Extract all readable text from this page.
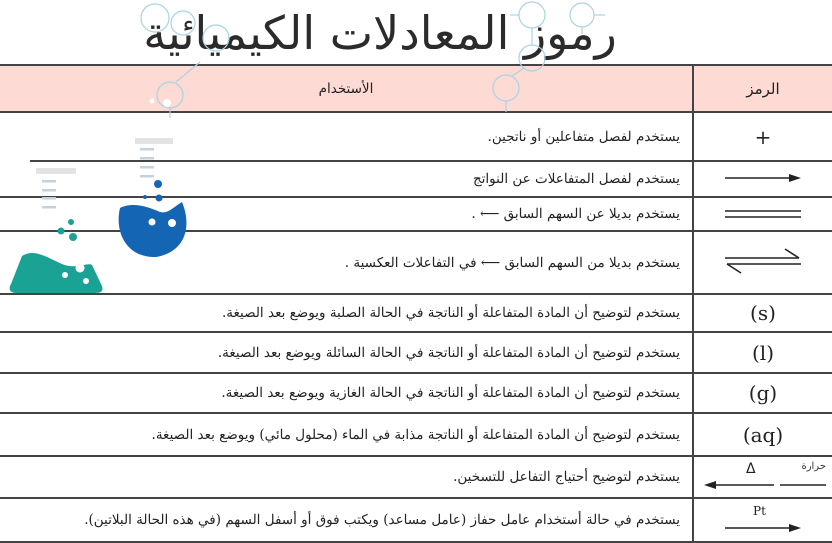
رموز المعادلات الكيميائية
الرمز	الأستخدام
+	يستخدم لفصل متفاعلين أو ناتجين.
	يستخدم لفصل المتفاعلات عن النواتج
	يستخدم بديلا عن السهم السابق ⟵ .
	يستخدم بديلا من السهم السابق ⟵ في التفاعلات العكسية .
(s)	يستخدم لتوضيح أن المادة المتفاعلة أو الناتجة في الحالة الصلبة ويوضع بعد الصيغة.
(l)	يستخدم لتوضيح أن المادة المتفاعلة أو الناتجة في الحالة السائلة ويوضع بعد الصيغة.
(g)	يستخدم لتوضيح أن المادة المتفاعلة أو الناتجة في الحالة الغازية ويوضع بعد الصيغة.
(aq)	يستخدم لتوضيح أن المادة المتفاعلة أو الناتجة مذابة في الماء (محلول مائي) ويوضع بعد الصيغة.

حرارة
Δ	يستخدم لتوضيح أحتياج التفاعل للتسخين.

Pt	يستخدم في حالة أستخدام عامل حفاز (عامل مساعد) ويكتب فوق أو أسفل السهم (في هذه الحالة البلاتين).
